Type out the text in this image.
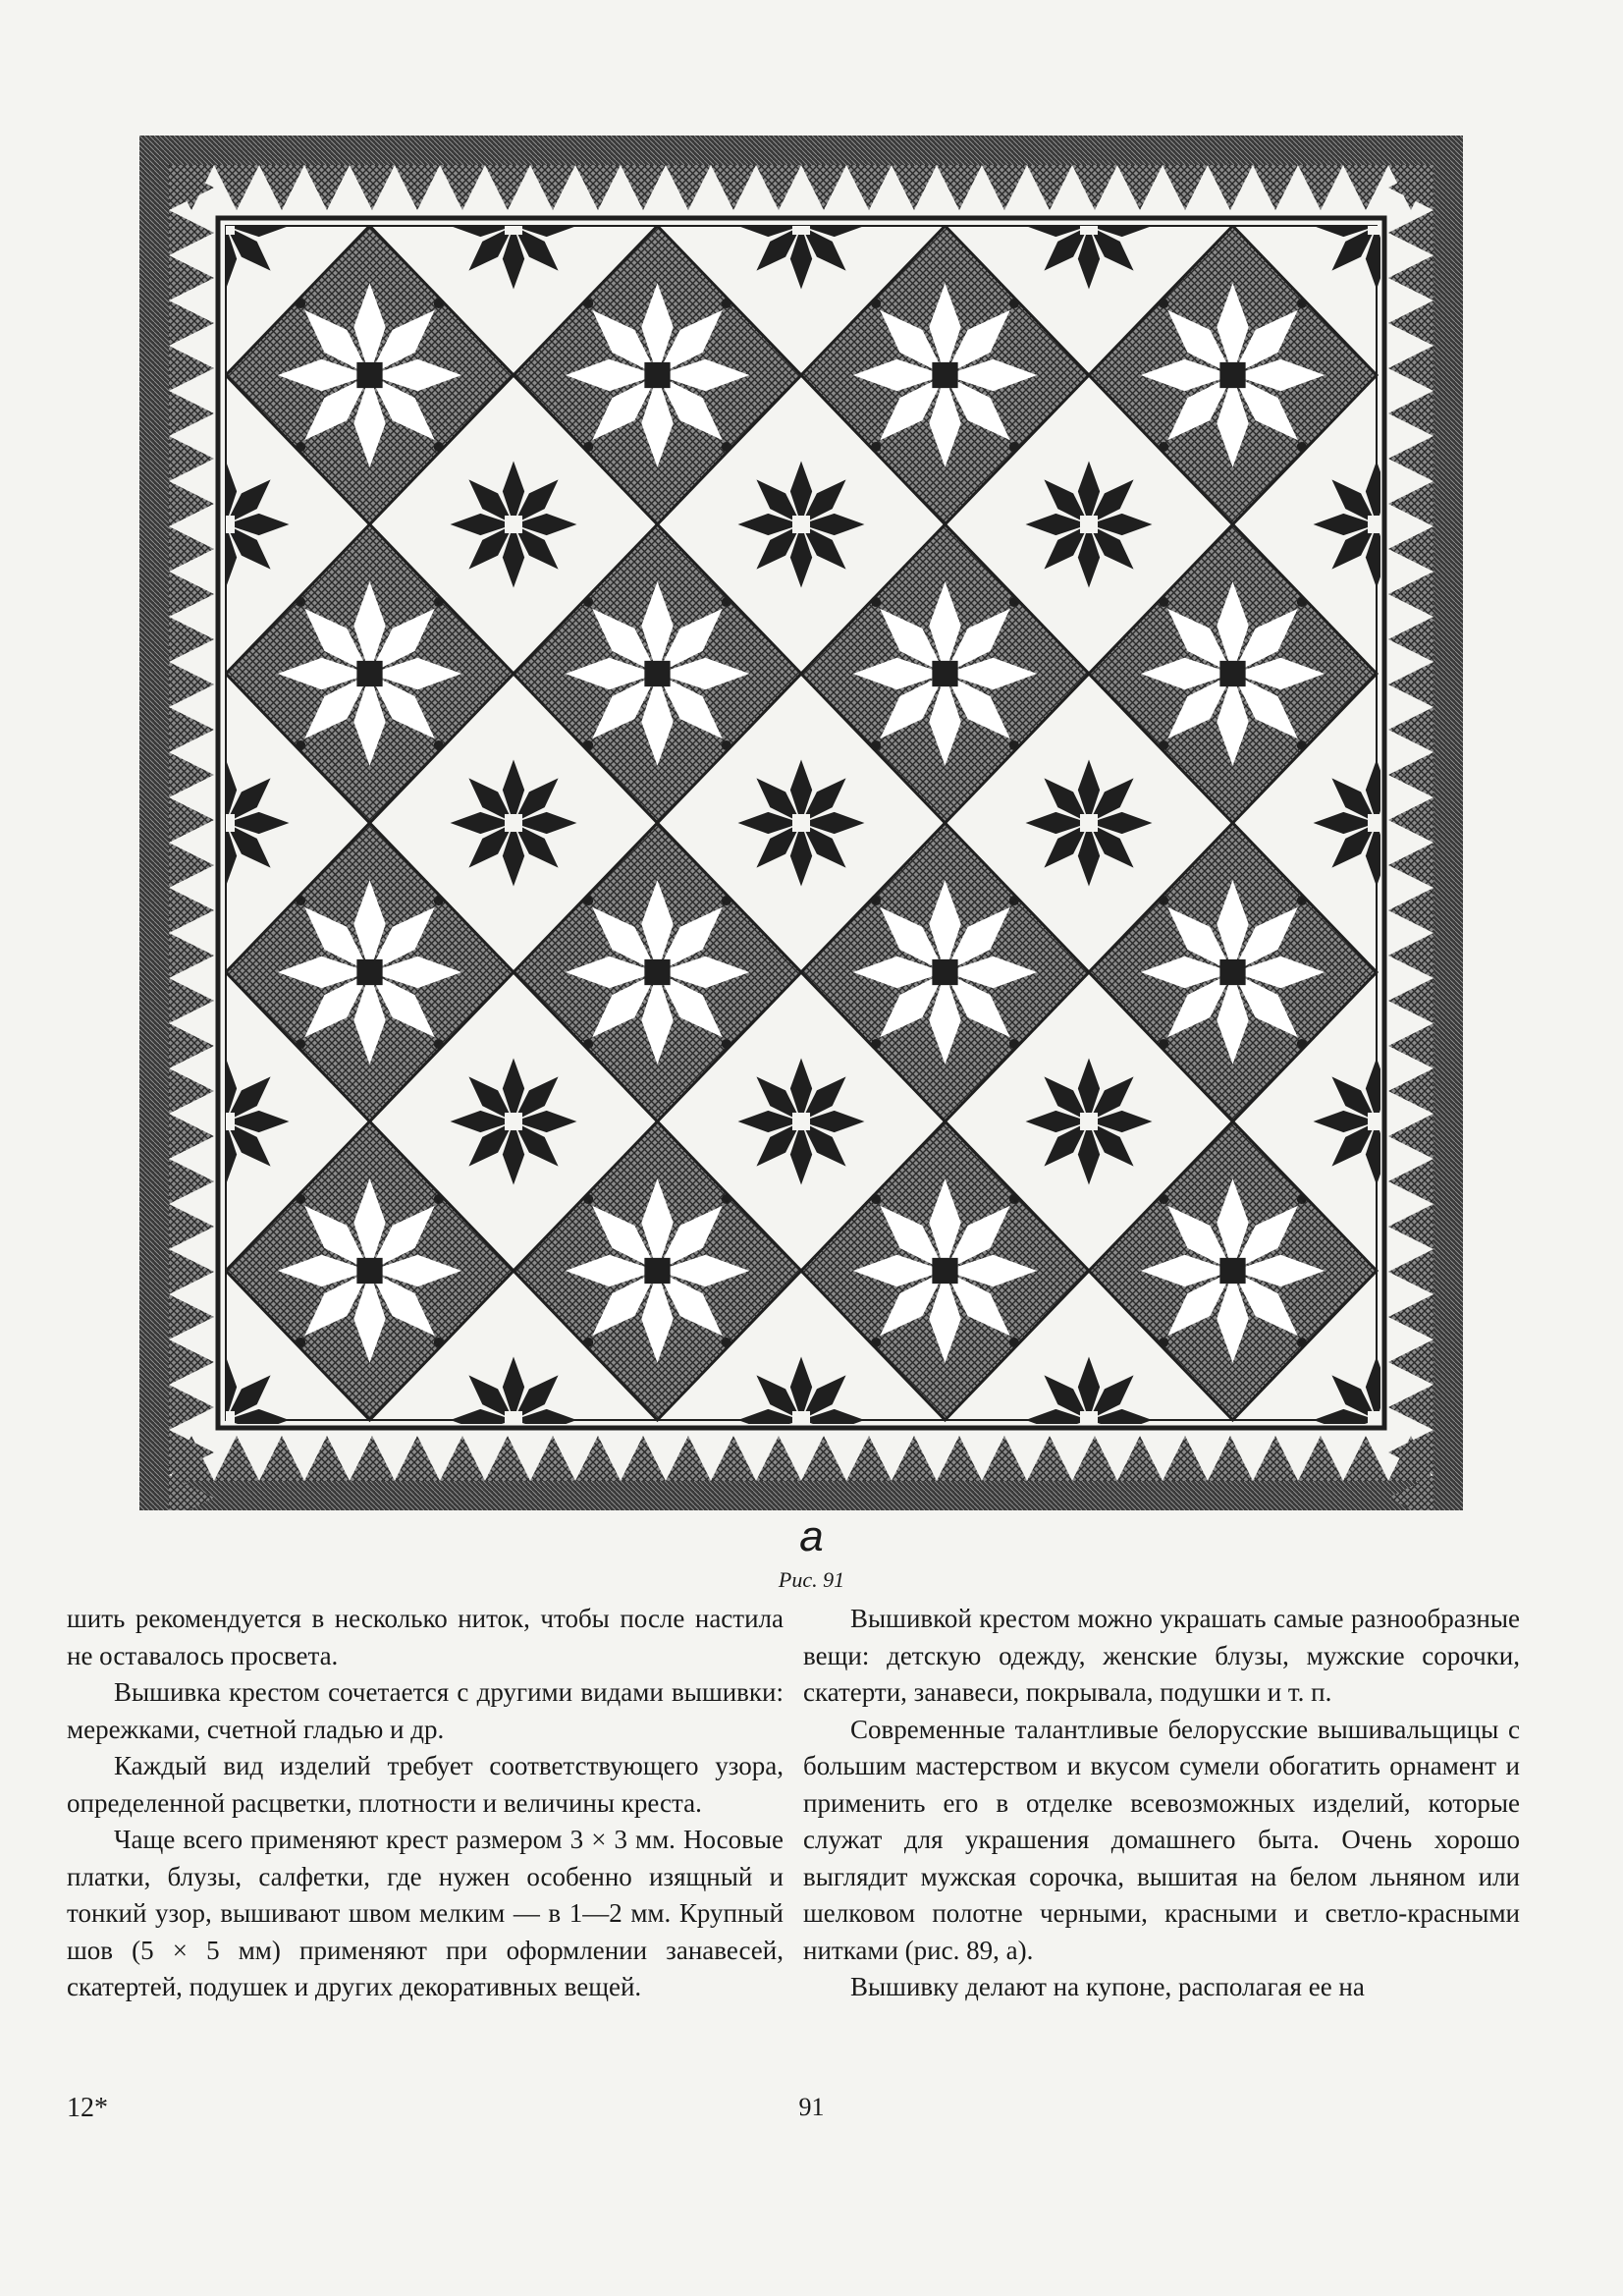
а
Рис. 91

шить рекомендуется в несколько ниток, чтобы после настила не оставалось просвета.

Вышивка крестом сочетается с другими видами вышивки: мережками, счетной гладью и др.

Каждый вид изделий требует соответствующего узора, определенной расцветки, плотности и величины креста.

Чаще всего применяют крест размером 3 × 3 мм. Носовые платки, блузы, салфетки, где нужен особенно изящный и тонкий узор, вышивают швом мелким — в 1—2 мм. Крупный шов (5 × 5 мм) применяют при оформлении занавесей, скатертей, подушек и других декоративных вещей.

Вышивкой крестом можно украшать самые разнообразные вещи: детскую одежду, женские блузы, мужские сорочки, скатерти, занавеси, покрывала, подушки и т. п.

Современные талантливые белорусские вышивальщицы с большим мастерством и вкусом сумели обогатить орнамент и применить его в отделке всевозможных изделий, которые служат для украшения домашнего быта. Очень хорошо выглядит мужская сорочка, вышитая на белом льняном или шелковом полотне черными, красными и светло-красными нитками (рис. 89, а).

Вышивку делают на купоне, располагая ее на

12*	91
